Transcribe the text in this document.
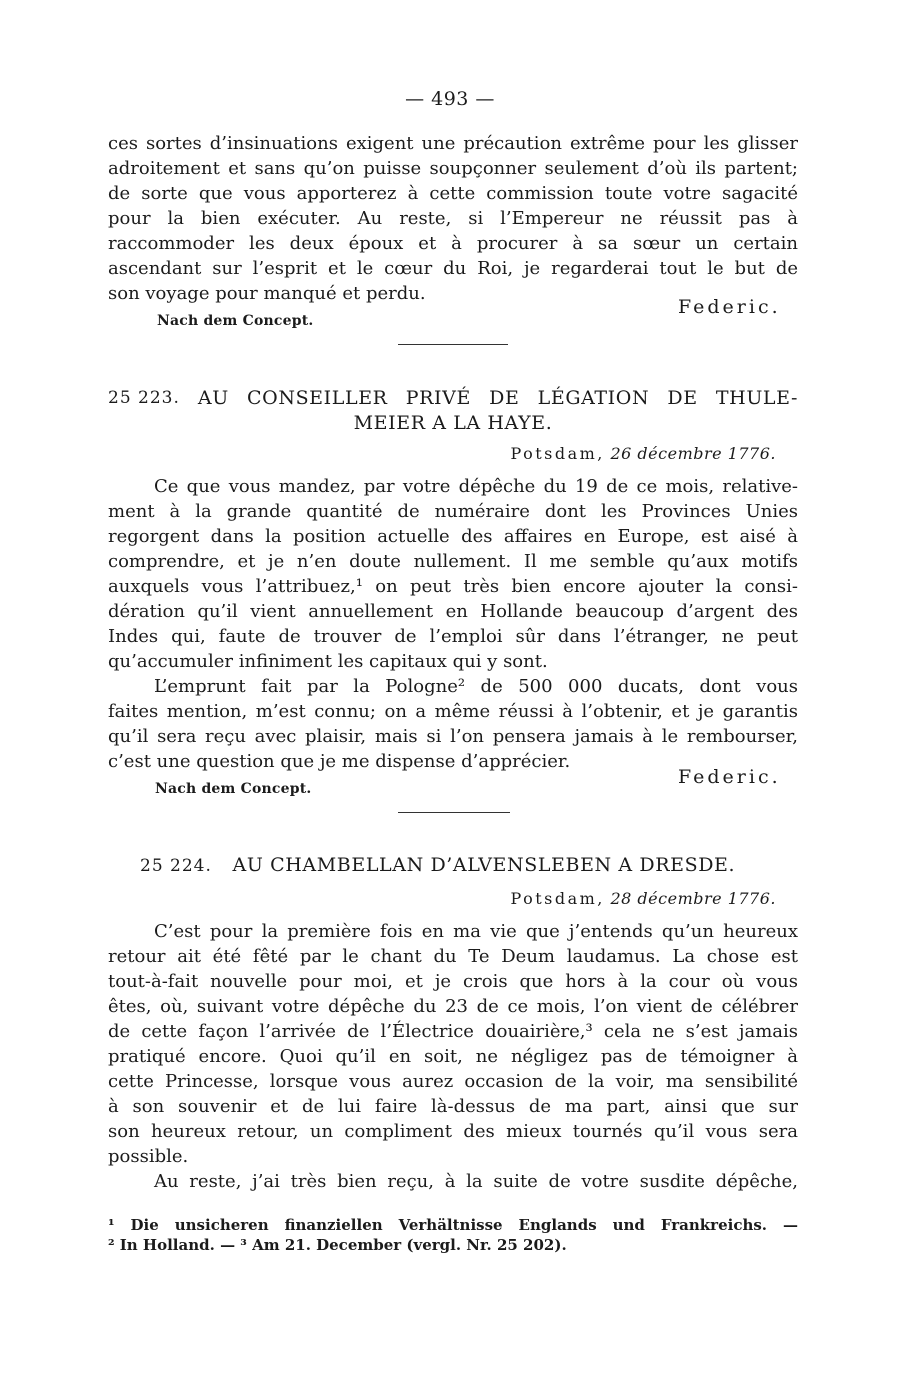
— 493 —
ces sortes d’insinuations exigent une précaution extrême pour les glisser
adroitement et sans qu’on puisse soupçonner seulement d’où ils partent;
de sorte que vous apporterez à cette commission toute votre sagacité
pour la bien exécuter. Au reste, si l’Empereur ne réussit pas à
raccommoder les deux époux et à procurer à sa sœur un certain
ascendant sur l’esprit et le cœur du Roi, je regarderai tout le but de
son voyage pour manqué et perdu.
Federic.
Nach dem Concept.
25 223. AU CONSEILLER PRIVÉ DE LÉGATION DE THULE-
MEIER A LA HAYE.
Potsdam, 26 décembre 1776.
Ce que vous mandez, par votre dépêche du 19 de ce mois, relative-
ment à la grande quantité de numéraire dont les Provinces Unies
regorgent dans la position actuelle des affaires en Europe, est aisé à
comprendre, et je n’en doute nullement. Il me semble qu’aux motifs
auxquels vous l’attribuez,¹ on peut très bien encore ajouter la consi-
dération qu’il vient annuellement en Hollande beaucoup d’argent des
Indes qui, faute de trouver de l’emploi sûr dans l’étranger, ne peut
qu’accumuler infiniment les capitaux qui y sont.
L’emprunt fait par la Pologne² de 500 000 ducats, dont vous
faites mention, m’est connu; on a même réussi à l’obtenir, et je garantis
qu’il sera reçu avec plaisir, mais si l’on pensera jamais à le rembourser,
c’est une question que je me dispense d’apprécier.
Federic.
Nach dem Concept.
25 224. AU CHAMBELLAN D’ALVENSLEBEN A DRESDE.
Potsdam, 28 décembre 1776.
C’est pour la première fois en ma vie que j’entends qu’un heureux
retour ait été fêté par le chant du Te Deum laudamus. La chose est
tout-à-fait nouvelle pour moi, et je crois que hors à la cour où vous
êtes, où, suivant votre dépêche du 23 de ce mois, l’on vient de célébrer
de cette façon l’arrivée de l’Électrice douairière,³ cela ne s’est jamais
pratiqué encore. Quoi qu’il en soit, ne négligez pas de témoigner à
cette Princesse, lorsque vous aurez occasion de la voir, ma sensibilité
à son souvenir et de lui faire là-dessus de ma part, ainsi que sur
son heureux retour, un compliment des mieux tournés qu’il vous sera
possible.
Au reste, j’ai très bien reçu, à la suite de votre susdite dépêche,
¹ Die unsicheren finanziellen Verhältnisse Englands und Frankreichs. —
² In Holland. — ³ Am 21. December (vergl. Nr. 25 202).
